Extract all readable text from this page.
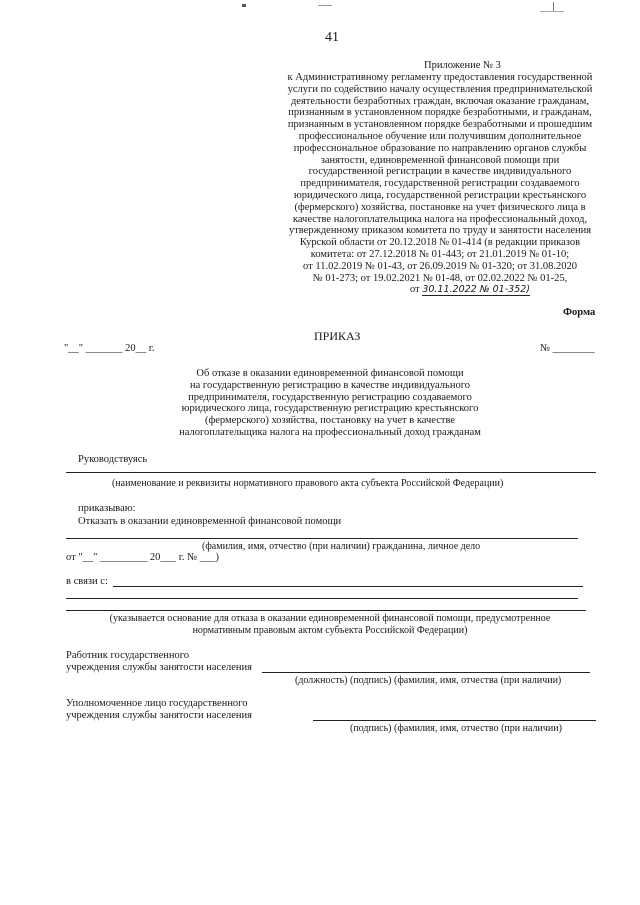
41
Приложение № 3
к Административному регламенту предоставления государственной
услуги по содействию началу осуществления предпринимательской
деятельности безработных граждан, включая оказание гражданам,
признанным в установленном порядке безработными, и гражданам,
признанным в установленном порядке безработными и прошедшим
профессиональное обучение или получившим дополнительное
профессиональное образование по направлению органов службы
занятости, единовременной финансовой помощи при
государственной регистрации в качестве индивидуального
предпринимателя, государственной регистрации создаваемого
юридического лица, государственной регистрации крестьянского
(фермерского) хозяйства, постановке на учет физического лица в
качестве налогоплательщика налога на профессиональный доход,
утвержденному приказом комитета по труду и занятости населения
Курской области от 20.12.2018 № 01-414 (в редакции приказов
комитета: от 27.12.2018 № 01-443; от 21.01.2019 № 01-10;
от 11.02.2019 № 01-43, от 26.09.2019 № 01-320; от 31.08.2020
№ 01-273; от 19.02.2021 № 01-48, от 02.02.2022 № 01-25,
от 30.11.2022 № 01-352)
Форма
ПРИКАЗ
"__" _______ 20__ г.	№ ________
Об отказе в оказании единовременной финансовой помощи
на государственную регистрацию в качестве индивидуального
предпринимателя, государственную регистрацию создаваемого
юридического лица, государственную регистрацию крестьянского
(фермерского) хозяйства, постановку на учет в качестве
налогоплательщика налога на профессиональный доход гражданам
Руководствуясь
(наименование и реквизиты нормативного правового акта субъекта Российской Федерации)
приказываю:
Отказать в оказании единовременной финансовой помощи
(фамилия, имя, отчество (при наличии) гражданина, личное дело
от "__" _________ 20___ г. № ___)
в связи с:
(указывается основание для отказа в оказании единовременной финансовой помощи, предусмотренное
нормативным правовым актом субъекта Российской Федерации)
Работник государственного
учреждения службы занятости населения
(должность) (подпись) (фамилия, имя, отчества (при наличии)
Уполномоченное лицо государственного
учреждения службы занятости населения
(подпись) (фамилия, имя, отчество (при наличии)
